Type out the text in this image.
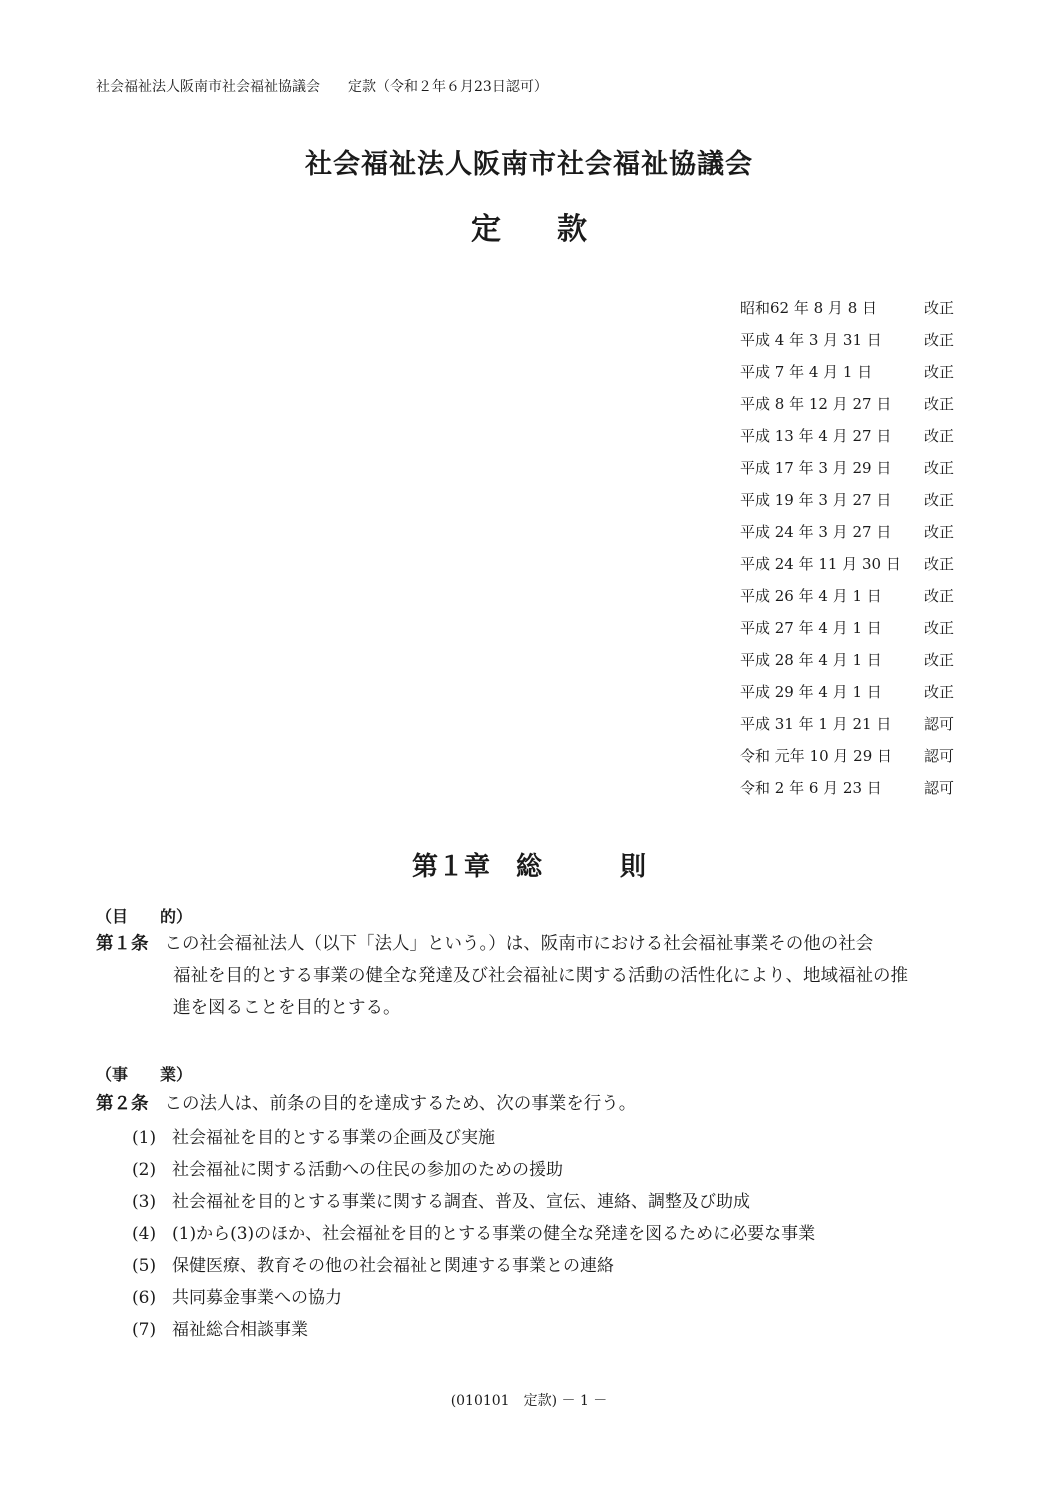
社会福祉法人阪南市社会福祉協議会　　定款（令和２年６月23日認可）
社会福祉法人阪南市社会福祉協議会
定款
昭和62 年 8 月 8 日	改正
平成 4 年 3 月 31 日	改正
平成 7 年 4 月 1 日	改正
平成 8 年 12 月 27 日	改正
平成 13 年 4 月 27 日	改正
平成 17 年 3 月 29 日	改正
平成 19 年 3 月 27 日	改正
平成 24 年 3 月 27 日	改正
平成 24 年 11 月 30 日	改正
平成 26 年 4 月 1 日	改正
平成 27 年 4 月 1 日	改正
平成 28 年 4 月 1 日	改正
平成 29 年 4 月 1 日	改正
平成 31 年 1 月 21 日	認可
令和 元年 10 月 29 日	認可
令和 2 年 6 月 23 日	認可
第１章　総　　　則
（目　　的）
第１条 この社会福祉法人（以下「法人」という。）は、阪南市における社会福祉事業その他の社会
福祉を目的とする事業の健全な発達及び社会福祉に関する活動の活性化により、地域福祉の推
進を図ることを目的とする。
（事　　業）
第２条 この法人は、前条の目的を達成するため、次の事業を行う。
(1) 社会福祉を目的とする事業の企画及び実施
(2) 社会福祉に関する活動への住民の参加のための援助
(3) 社会福祉を目的とする事業に関する調査、普及、宣伝、連絡、調整及び助成
(4) (1)から(3)のほか、社会福祉を目的とする事業の健全な発達を図るために必要な事業
(5) 保健医療、教育その他の社会福祉と関連する事業との連絡
(6) 共同募金事業への協力
(7) 福祉総合相談事業
(010101　定款) － 1 －
